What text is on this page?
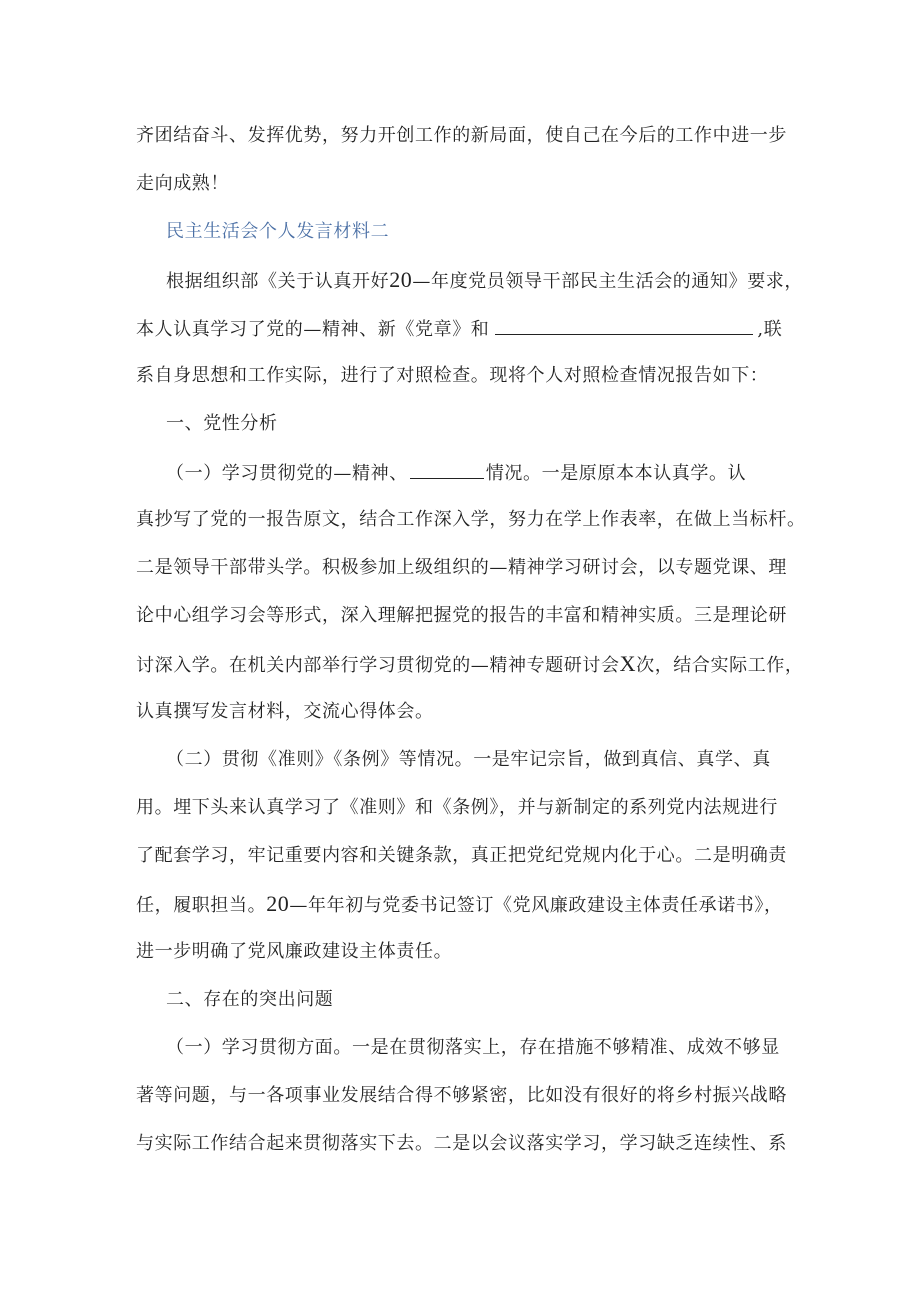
齐团结奋斗、发挥优势，努力开创工作的新局面，使自己在今后的工作中进一步
走向成熟！
民主生活会个人发言材料二
根据组织部《关于认真开好20—年度党员领导干部民主生活会的通知》要求，
本人认真学习了党的—精神、新《党章》和	,联
系自身思想和工作实际，进行了对照检查。现将个人对照检查情况报告如下：
一、党性分析
（一）学习贯彻党的—精神、	情况。一是原原本本认真学。认
真抄写了党的一报告原文，结合工作深入学，努力在学上作表率，在做上当标杆。
二是领导干部带头学。积极参加上级组织的—精神学习研讨会，以专题党课、理
论中心组学习会等形式，深入理解把握党的报告的丰富和精神实质。三是理论研
讨深入学。在机关内部举行学习贯彻党的—精神专题研讨会X次，结合实际工作，
认真撰写发言材料，交流心得体会。
（二）贯彻《准则》《条例》等情况。一是牢记宗旨，做到真信、真学、真
用。埋下头来认真学习了《准则》和《条例》，并与新制定的系列党内法规进行
了配套学习，牢记重要内容和关键条款，真正把党纪党规内化于心。二是明确责
任，履职担当。20—年年初与党委书记签订《党风廉政建设主体责任承诺书》，
进一步明确了党风廉政建设主体责任。
二、存在的突出问题
（一）学习贯彻方面。一是在贯彻落实上，存在措施不够精准、成效不够显
著等问题，与一各项事业发展结合得不够紧密，比如没有很好的将乡村振兴战略
与实际工作结合起来贯彻落实下去。二是以会议落实学习，学习缺乏连续性、系
